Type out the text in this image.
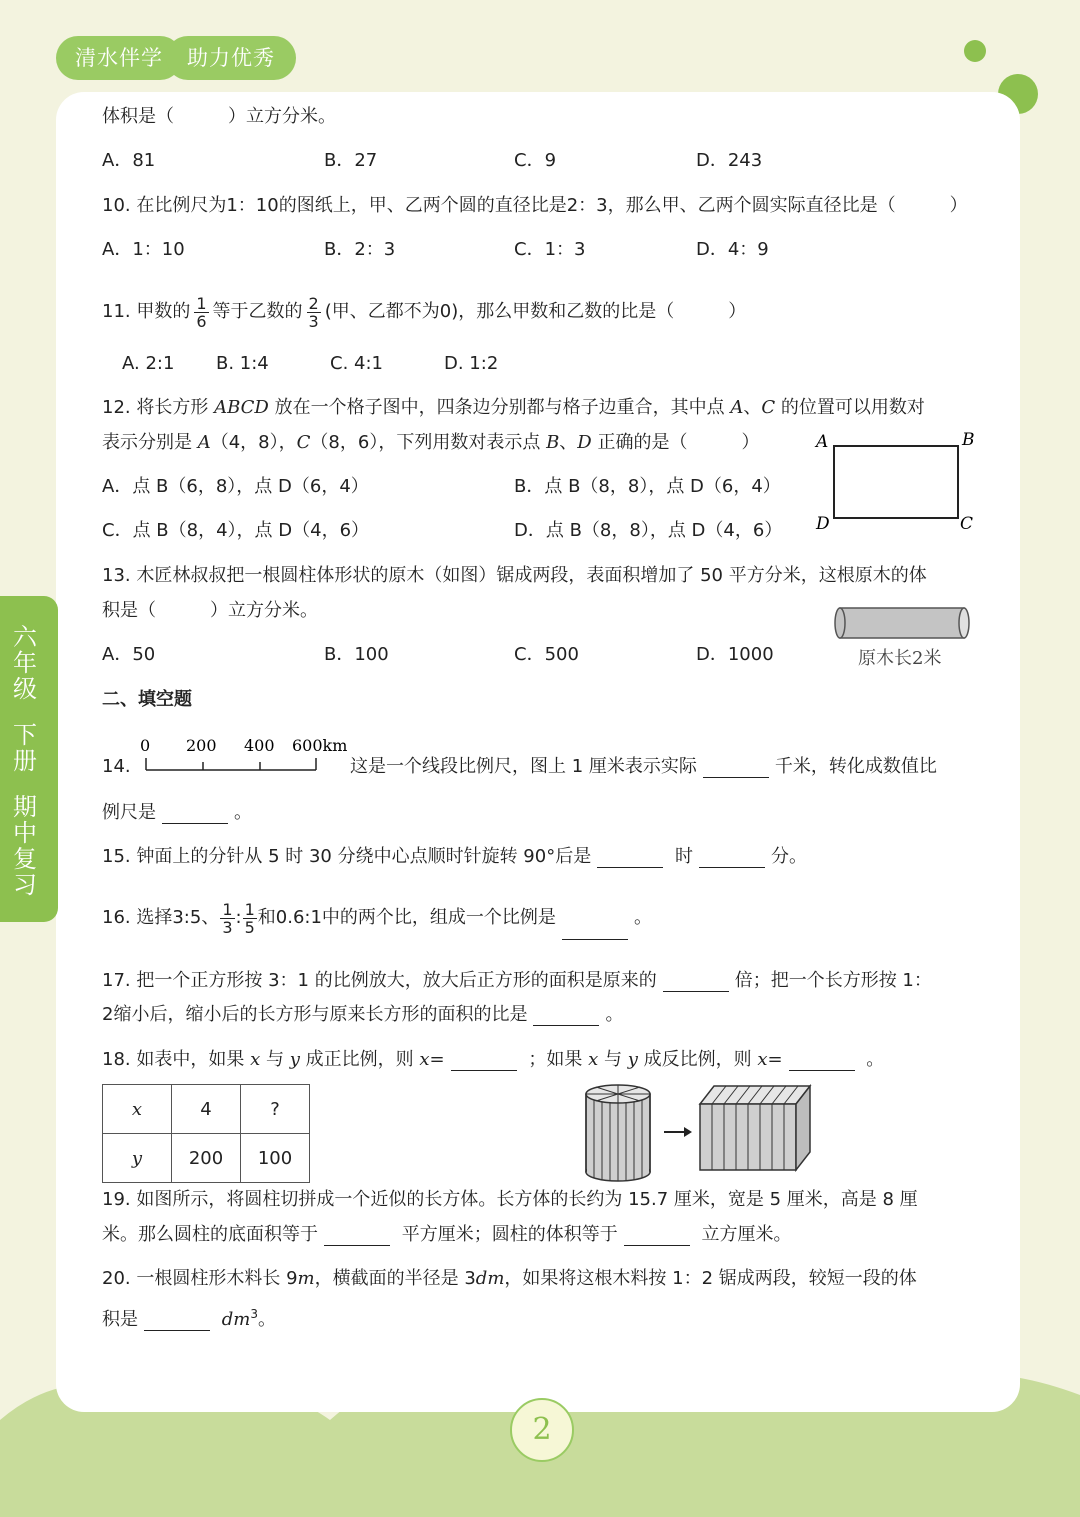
清水伴学	助力优秀
六
年
级
下
册
期
中
复
习
体积是（　　　）立方分米。
A．81	B．27	C．9	D．243
10. 在比例尺为1：10的图纸上，甲、乙两个圆的直径比是2：3，那么甲、乙两个圆实际直径比是（　　　）
A．1：10	B．2：3	C．1：3	D．4：9
11. 甲数的 $\frac{1}{6}$ 等于乙数的 $\frac{2}{3}$ (甲、乙都不为0)，那么甲数和乙数的比是（　　　）
A. 2:1 B. 1:4	C. 4:1	D. 1:2
12. 将长方形 ABCD 放在一个格子图中，四条边分别都与格子边重合，其中点 A、C 的位置可以用数对
表示分别是 A（4，8），C（8，6），下列用数对表示点 B、D 正确的是（　　　）
A．点 B（6，8），点 D（6，4）	B．点 B（8，8），点 D（6，4）
C．点 B（8，4），点 D（4，6）	D．点 B（8，8），点 D（4，6）
A	B
C
D
13. 木匠林叔叔把一根圆柱体形状的原木（如图）锯成两段，表面积增加了 50 平方分米，这根原木的体
积是（　　　）立方分米。
A．50	B．100	C．500	D．1000	原木长2米
二、填空题
14.
0 200 400 600km
这是一个线段比例尺，图上 1 厘米表示实际	千米，转化成数值比
例尺是	。
15. 钟面上的分针从 5 时 30 分绕中心点顺时针旋转 90°后是	时	分。
16. 选择3:5、 $\frac{1}{3}$ : $\frac{1}{5}$ 和0.6:1中的两个比，组成一个比例是	。
17. 把一个正方形按 3：1 的比例放大，放大后正方形的面积是原来的	倍；把一个长方形按 1：
2缩小后，缩小后的长方形与原来长方形的面积的比是	。
18. 如表中，如果 x 与 y 成正比例，则 x=	；如果 x 与 y 成反比例，则 x=	。
x	4	?
y	200	100
19. 如图所示，将圆柱切拼成一个近似的长方体。长方体的长约为 15.7 厘米，宽是 5 厘米，高是 8 厘
米。那么圆柱的底面积等于	平方厘米；圆柱的体积等于	立方厘米。
20. 一根圆柱形木料长 9m，横截面的半径是 3dm，如果将这根木料按 1：2 锯成两段，较短一段的体
积是	$dm^3$。
2
